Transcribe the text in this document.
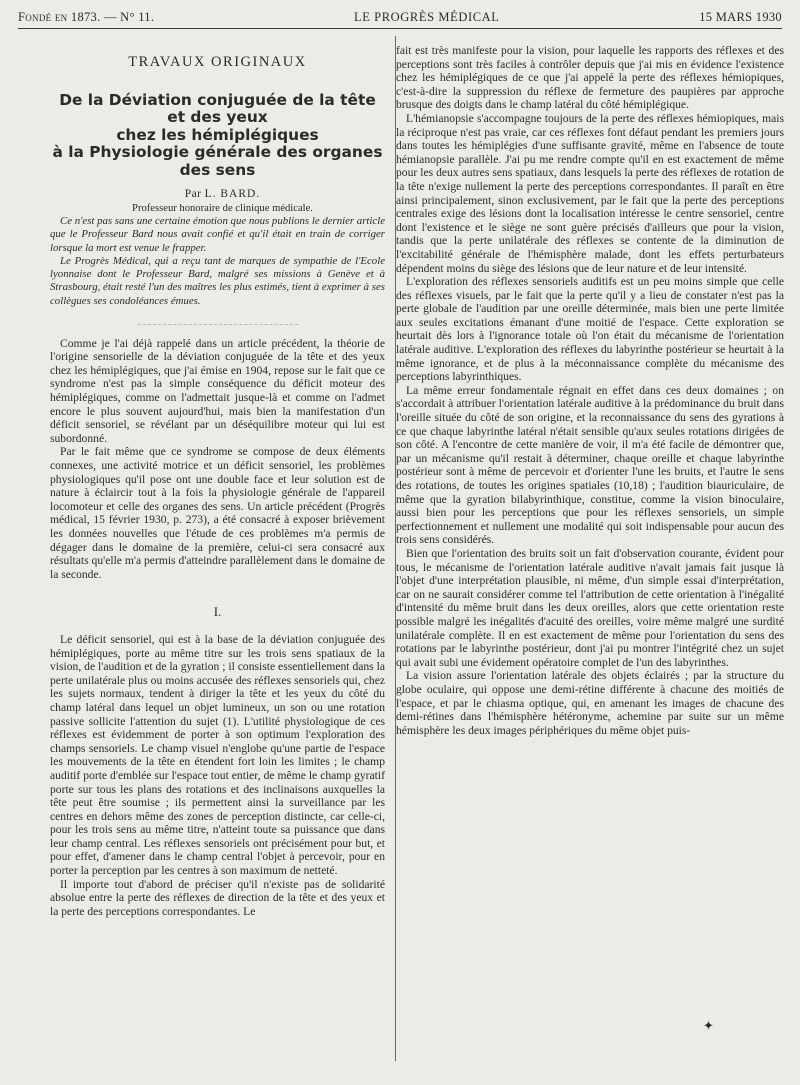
Fondé en 1873. — N° 11.	LE PROGRÈS MÉDICAL	15 MARS 1930
TRAVAUX ORIGINAUX
De la Déviation conjuguée de la tête
et des yeux
chez les hémiplégiques
à la Physiologie générale des organes
des sens

Par L. BARD.

Professeur honoraire de clinique médicale.

Ce n'est pas sans une certaine émotion que nous publions le dernier article que le Professeur Bard nous avait confié et qu'il était en train de corriger lorsque la mort est venue le frapper.

Le Progrès Médical, qui a reçu tant de marques de sympathie de l'Ecole lyonnaise dont le Professeur Bard, malgré ses missions à Genève et à Strasbourg, était resté l'un des maîtres les plus estimés, tient à exprimer à ses collègues ses condoléances émues.

Comme je l'ai déjà rappelé dans un article précédent, la théorie de l'origine sensorielle de la déviation conjuguée de la tête et des yeux chez les hémiplégiques, que j'ai émise en 1904, repose sur le fait que ce syndrome n'est pas la simple conséquence du déficit moteur des hémiplégiques, comme on l'admettait jusque-là et comme on l'admet encore le plus souvent aujourd'hui, mais bien la manifestation d'un déficit sensoriel, se révélant par un déséquilibre moteur qui lui est subordonné.

Par le fait même que ce syndrome se compose de deux éléments connexes, une activité motrice et un déficit sensoriel, les problèmes physiologiques qu'il pose ont une double face et leur solution est de nature à éclaircir tout à la fois la physiologie générale de l'appareil locomoteur et celle des organes des sens. Un article précédent (Progrès médical, 15 février 1930, p. 273), a été consacré à exposer brièvement les données nouvelles que l'étude de ces problèmes m'a permis de dégager dans le domaine de la première, celui-ci sera consacré aux résultats qu'elle m'a permis d'atteindre parallèlement dans le domaine de la seconde.

I.

Le déficit sensoriel, qui est à la base de la déviation conjuguée des hémiplégiques, porte au même titre sur les trois sens spatiaux de la vision, de l'audition et de la gyration ; il consiste essentiellement dans la perte unilatérale plus ou moins accusée des réflexes sensoriels qui, chez les sujets normaux, tendent à diriger la tête et les yeux du côté du champ latéral dans lequel un objet lumineux, un son ou une rotation passive sollicite l'attention du sujet (1). L'utilité physiologique de ces réflexes est évidemment de porter à son optimum l'exploration des champs sensoriels. Le champ visuel n'englobe qu'une partie de l'espace les mouvements de la tête en étendent fort loin les limites ; le champ auditif porte d'emblée sur l'espace tout entier, de même le champ gyratif porte sur tous les plans des rotations et des inclinaisons auxquelles la tête peut être soumise ; ils permettent ainsi la surveillance par les centres en dehors même des zones de perception distincte, car celle-ci, pour les trois sens au même titre, n'atteint toute sa puissance que dans leur champ central. Les réflexes sensoriels ont précisément pour but, et pour effet, d'amener dans le champ central l'objet à percevoir, pour en porter la perception par les centres à son maximum de netteté.

Il importe tout d'abord de préciser qu'il n'existe pas de solidarité absolue entre la perte des réflexes de direction de la tête et des yeux et la perte des perceptions correspondantes. Le

fait est très manifeste pour la vision, pour laquelle les rapports des réflexes et des perceptions sont très faciles à contrôler depuis que j'ai mis en évidence l'existence chez les hémiplégiques de ce que j'ai appelé la perte des réflexes hémiopiques, c'est-à-dire la suppression du réflexe de fermeture des paupières par approche brusque des doigts dans le champ latéral du côté hémiplégique.

L'hémianopsie s'accompagne toujours de la perte des réflexes hémiopiques, mais la réciproque n'est pas vraie, car ces réflexes font défaut pendant les premiers jours dans toutes les hémiplégies d'une suffisante gravité, même en l'absence de toute hémianopsie parallèle. J'ai pu me rendre compte qu'il en est exactement de même pour les deux autres sens spatiaux, dans lesquels la perte des réflexes de rotation de la tête n'exige nullement la perte des perceptions correspondantes. Il paraît en être ainsi principalement, sinon exclusivement, par le fait que la perte des perceptions centrales exige des lésions dont la localisation intéresse le centre sensoriel, centre dont l'existence et le siège ne sont guère précisés d'ailleurs que pour la vision, tandis que la perte unilatérale des réflexes se contente de la diminution de l'excitabilité générale de l'hémisphère malade, dont les effets perturbateurs dépendent moins du siège des lésions que de leur nature et de leur intensité.

L'exploration des réflexes sensoriels auditifs est un peu moins simple que celle des réflexes visuels, par le fait que la perte qu'il y a lieu de constater n'est pas la perte globale de l'audition par une oreille déterminée, mais bien une perte limitée aux seules excitations émanant d'une moitié de l'espace. Cette exploration se heurtait dès lors à l'ignorance totale où l'on était du mécanisme de l'orientation latérale auditive. L'exploration des réflexes du labyrinthe postérieur se heurtait à la même ignorance, et de plus à la méconnaissance complète du mécanisme des perceptions labyrinthiques.

La même erreur fondamentale régnait en effet dans ces deux domaines ; on s'accordait à attribuer l'orientation latérale auditive à la prédominance du bruit dans l'oreille située du côté de son origine, et la reconnaissance du sens des gyrations à ce que chaque labyrinthe latéral n'était sensible qu'aux seules rotations dirigées de son côté. A l'encontre de cette manière de voir, il m'a été facile de démontrer que, par un mécanisme qu'il restait à déterminer, chaque oreille et chaque labyrinthe postérieur sont à même de percevoir et d'orienter l'une les bruits, et l'autre le sens des rotations, de toutes les origines spatiales (10,18) ; l'audition biauriculaire, de même que la gyration bilabyrinthique, constitue, comme la vision binoculaire, aussi bien pour les perceptions que pour les réflexes sensoriels, un simple perfectionnement et nullement une modalité qui soit indispensable pour aucun des trois sens considérés.

Bien que l'orientation des bruits soit un fait d'observation courante, évident pour tous, le mécanisme de l'orientation latérale auditive n'avait jamais fait jusque là l'objet d'une interprétation plausible, ni même, d'un simple essai d'interprétation, car on ne saurait considérer comme tel l'attribution de cette orientation à l'inégalité d'intensité du même bruit dans les deux oreilles, alors que cette orientation reste possible malgré les inégalités d'acuité des oreilles, voire même malgré une surdité unilatérale complète. Il en est exactement de même pour l'orientation du sens des rotations par le labyrinthe postérieur, dont j'ai pu montrer l'intégrité chez un sujet qui avait subi une évidement opératoire complet de l'un des labyrinthes.

La vision assure l'orientation latérale des objets éclairés ; par la structure du globe oculaire, qui oppose une demi-rétine différente à chacune des moitiés de l'espace, et par le chiasma optique, qui, en amenant les images de chacune des demi-rétines dans l'hémisphère hétéronyme, achemine par suite sur un même hémisphère les deux images périphériques du même objet puis-

✦
